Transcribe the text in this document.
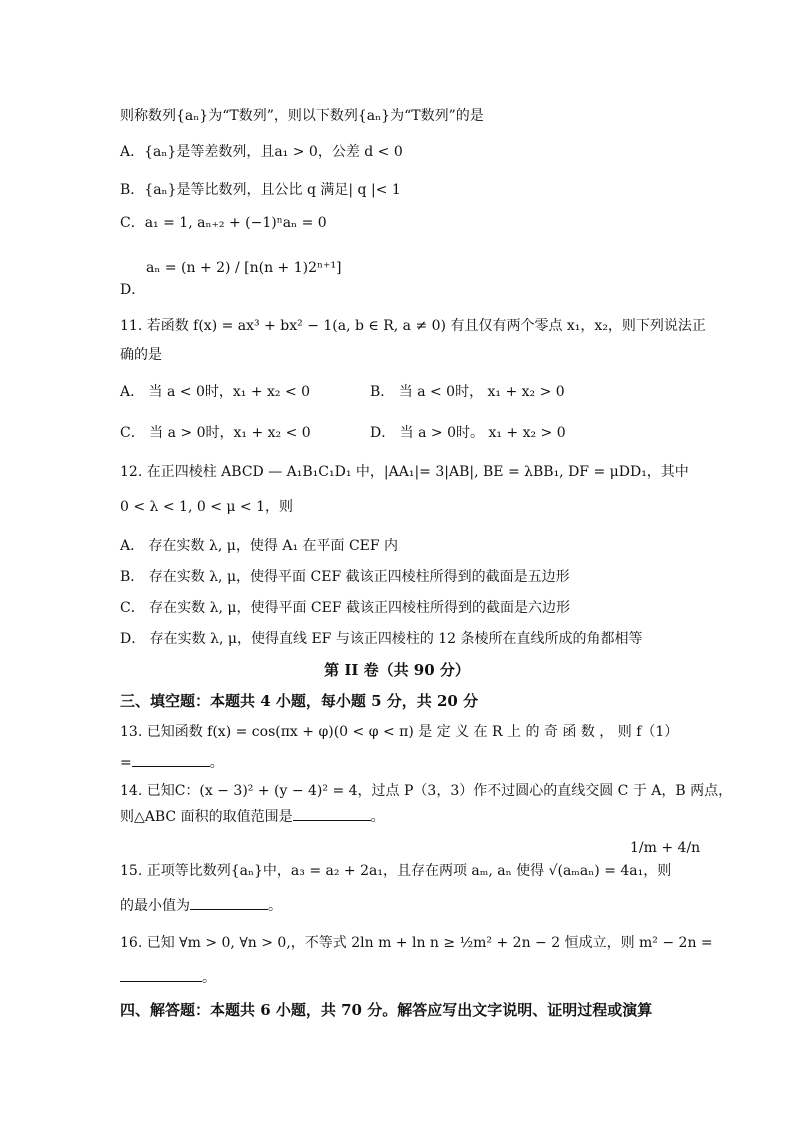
则称数列{aₙ}为“T数列”，则以下数列{aₙ}为“T数列”的是
A．{aₙ}是等差数列，且a₁ > 0，公差 d < 0
B．{aₙ}是等比数列，且公比 q 满足| q |< 1
C．a₁ = 1, aₙ₊₂ + (−1)ⁿaₙ = 0
aₙ = (n + 2) / [n(n + 1)2ⁿ⁺¹]
D．
11. 若函数 f(x) = ax³ + bx² − 1(a, b ∈ R, a ≠ 0) 有且仅有两个零点 x₁，x₂，则下列说法正
确的是
A． 当 a < 0时，x₁ + x₂ < 0	B． 当 a < 0时， x₁ + x₂ > 0
C． 当 a > 0时，x₁ + x₂ < 0	D． 当 a > 0时。 x₁ + x₂ > 0
12. 在正四棱柱 ABCD — A₁B₁C₁D₁ 中，|AA₁|= 3|AB|, BE = λBB₁, DF = μDD₁，其中
0 < λ < 1, 0 < μ < 1，则
A． 存在实数 λ, μ，使得 A₁ 在平面 CEF 内
B． 存在实数 λ, μ，使得平面 CEF 截该正四棱柱所得到的截面是五边形
C． 存在实数 λ, μ，使得平面 CEF 截该正四棱柱所得到的截面是六边形
D． 存在实数 λ, μ，使得直线 EF 与该正四棱柱的 12 条棱所在直线所成的角都相等
第 II 卷（共 90 分）
三、填空题：本题共 4 小题，每小题 5 分，共 20 分
13. 已知函数 f(x) = cos(πx + φ)(0 < φ < π) 是 定 义 在 R 上 的 奇 函 数 ， 则 f（1）
=	。
14. 已知C：(x − 3)² + (y − 4)² = 4，过点 P（3，3）作不过圆心的直线交圆 C 于 A，B 两点，
则△ABC 面积的取值范围是	。
1/m + 4/n
15. 正项等比数列{aₙ}中，a₃ = a₂ + 2a₁，且存在两项 aₘ, aₙ 使得 √(aₘaₙ) = 4a₁，则
的最小值为	。
16. 已知 ∀m > 0, ∀n > 0,，不等式 2ln m + ln n ≥ ½m² + 2n − 2 恒成立，则 m² − 2n =
。
四、解答题：本题共 6 小题，共 70 分。解答应写出文字说明、证明过程或演算
